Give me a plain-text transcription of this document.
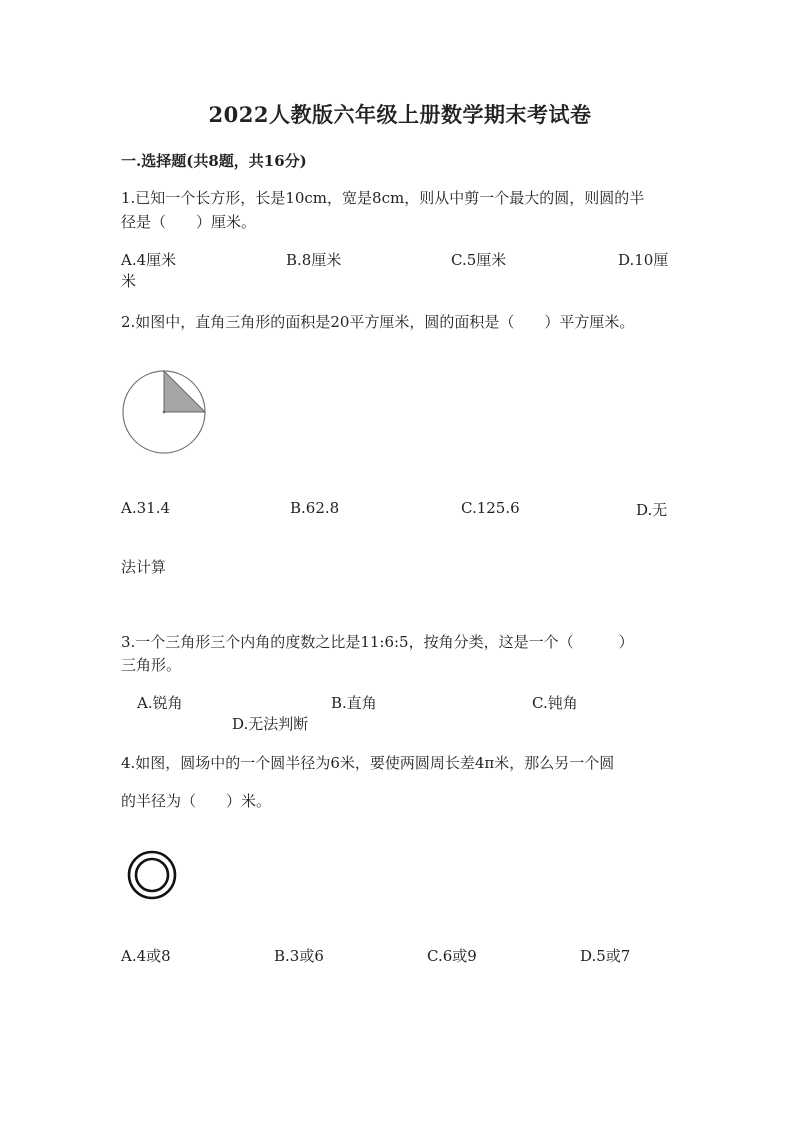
2022人教版六年级上册数学期末考试卷
一.选择题(共8题，共16分)
1.已知一个长方形，长是10cm，宽是8cm，则从中剪一个最大的圆，则圆的半
径是（　　）厘米。
A.4厘米	B.8厘米	C.5厘米	D.10厘
米
2.如图中，直角三角形的面积是20平方厘米，圆的面积是（　　）平方厘米。
A.31.4	B.62.8	C.125.6	D.无
法计算
3.一个三角形三个内角的度数之比是11:6:5，按角分类，这是一个（　　　）
三角形。
A.锐角	B.直角	C.钝角
D.无法判断
4.如图，圆场中的一个圆半径为6米，要使两圆周长差4π米，那么另一个圆
的半径为（　　）米。
A.4或8	B.3或6	C.6或9	D.5或7
